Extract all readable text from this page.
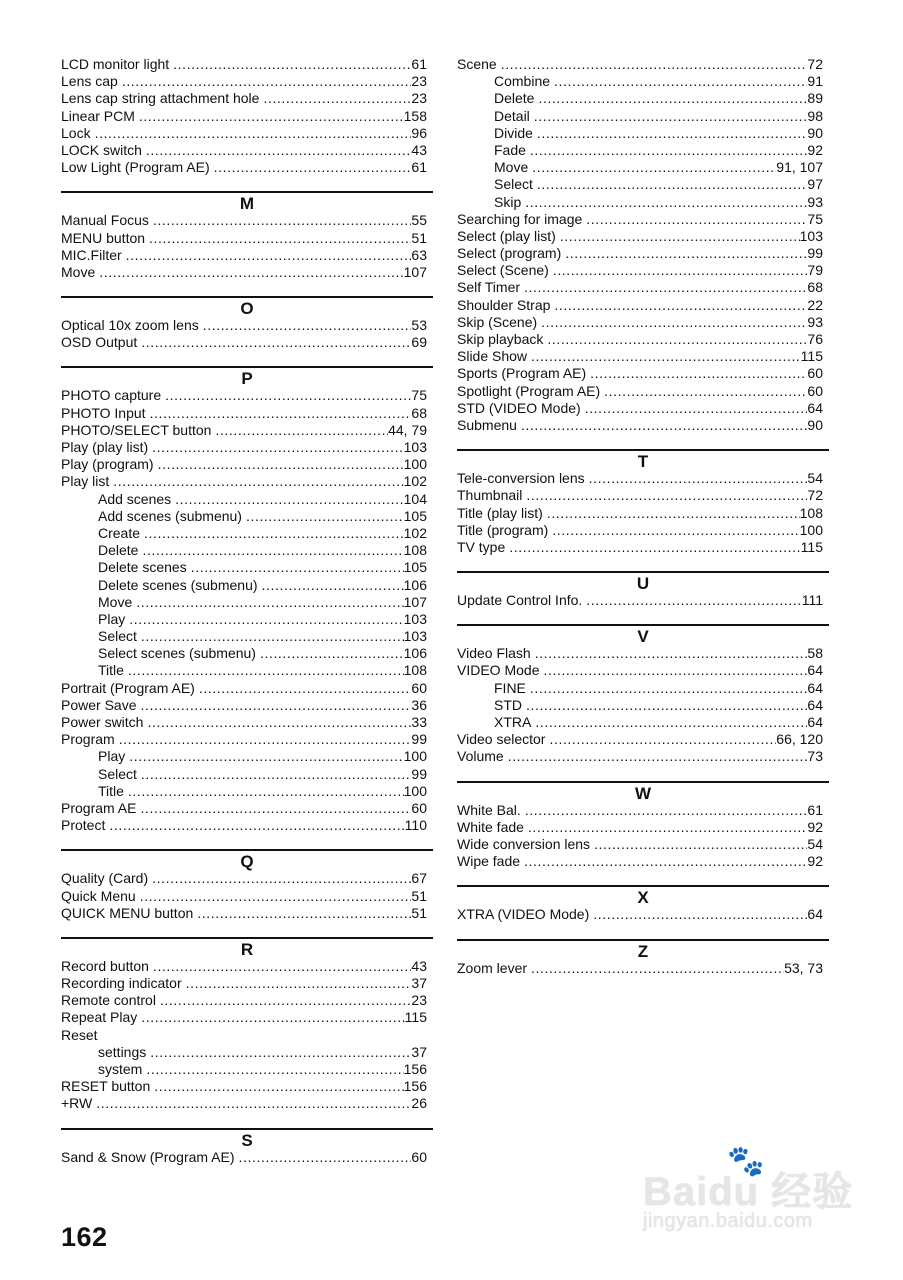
LCD monitor light .....	61
Lens cap .....	23
Lens cap string attachment hole .....	23
Linear PCM .....	158
Lock .....	96
LOCK switch .....	43
Low Light (Program AE) .....	61
M
Manual Focus .....	55
MENU button .....	51
MIC.Filter .....	63
Move .....	107
O
Optical 10x zoom lens .....	53
OSD Output .....	69
P
PHOTO capture .....	75
PHOTO Input .....	68
PHOTO/SELECT button .....	44, 79
Play (play list) .....	103
Play (program) .....	100
Play list .....	102
Add scenes .....	104
Add scenes (submenu) .....	105
Create .....	102
Delete .....	108
Delete scenes .....	105
Delete scenes (submenu) .....	106
Move .....	107
Play .....	103
Select .....	103
Select scenes (submenu) .....	106
Title .....	108
Portrait (Program AE) .....	60
Power Save .....	36
Power switch .....	33
Program .....	99
Play .....	100
Select .....	99
Title .....	100
Program AE .....	60
Protect .....	110
Q
Quality (Card) .....	67
Quick Menu .....	51
QUICK MENU button .....	51
R
Record button .....	43
Recording indicator .....	37
Remote control .....	23
Repeat Play .....	115
Reset
settings .....	37
system .....	156
RESET button .....	156
+RW .....	26
S
Sand & Snow (Program AE) .....	60
Scene .....	72
Combine .....	91
Delete .....	89
Detail .....	98
Divide .....	90
Fade .....	92
Move .....	91, 107
Select .....	97
Skip .....	93
Searching for image .....	75
Select (play list) .....	103
Select (program) .....	99
Select (Scene) .....	79
Self Timer .....	68
Shoulder Strap .....	22
Skip (Scene) .....	93
Skip playback .....	76
Slide Show .....	115
Sports (Program AE) .....	60
Spotlight (Program AE) .....	60
STD (VIDEO Mode) .....	64
Submenu .....	90
T
Tele-conversion lens .....	54
Thumbnail .....	72
Title (play list) .....	108
Title (program) .....	100
TV type .....	115
U
Update Control Info. .....	111
V
Video Flash .....	58
VIDEO Mode .....	64
FINE .....	64
STD .....	64
XTRA .....	64
Video selector .....	66, 120
Volume .....	73
W
White Bal. .....	61
White fade .....	92
Wide conversion lens .....	54
Wipe fade .....	92
X
XTRA (VIDEO Mode) .....	64
Z
Zoom lever .....	53, 73
162
🐾
Baidu 经验
jingyan.baidu.com
